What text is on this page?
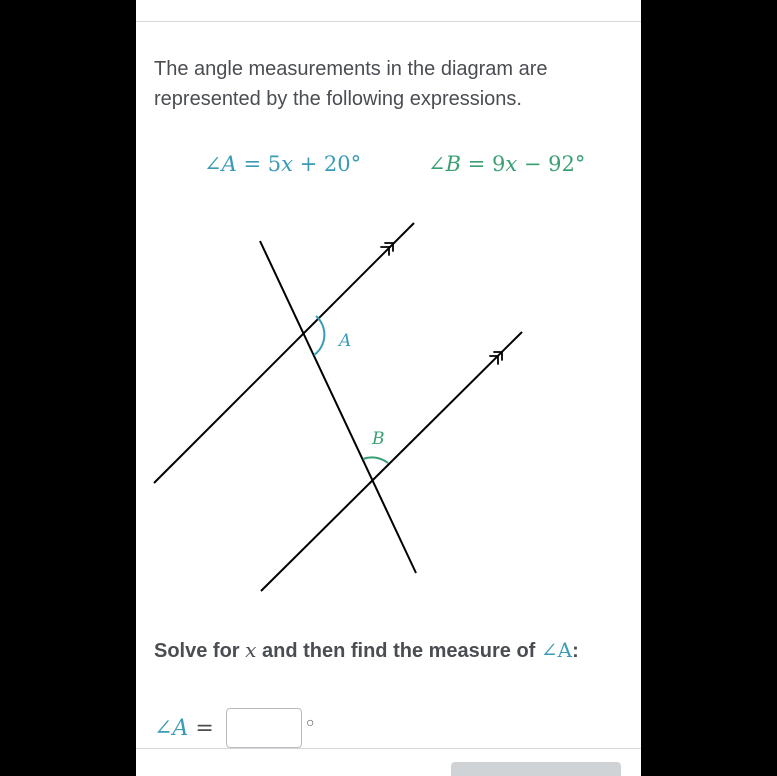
The angle measurements in the diagram are represented by the following expressions.
∠A = 5x + 20°	∠B = 9x − 92°
A
B
Solve for x and then find the measure of ∠A:
∠A =	○
